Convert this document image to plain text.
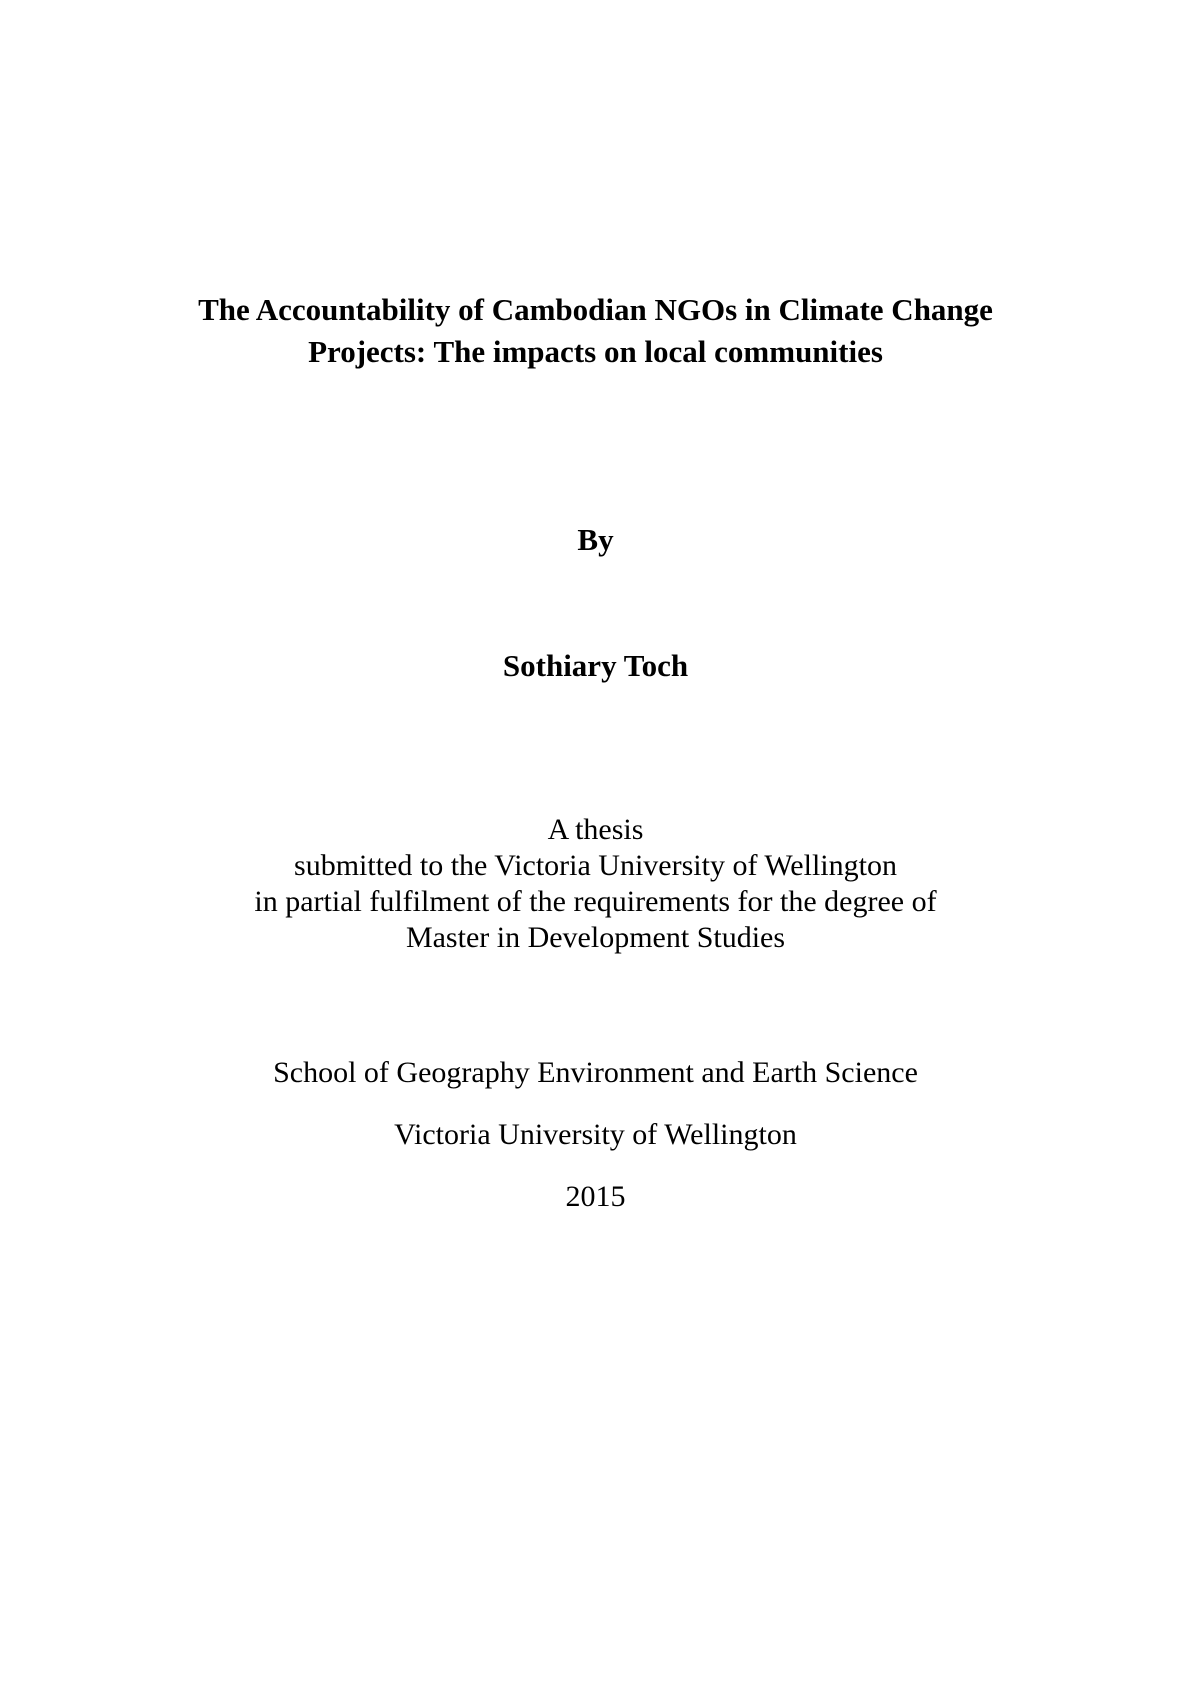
The Accountability of Cambodian NGOs in Climate Change
Projects: The impacts on local communities

By

Sothiary Toch

A thesis

submitted to the Victoria University of Wellington

in partial fulfilment of the requirements for the degree of

Master in Development Studies

School of Geography Environment and Earth Science

Victoria University of Wellington

2015
